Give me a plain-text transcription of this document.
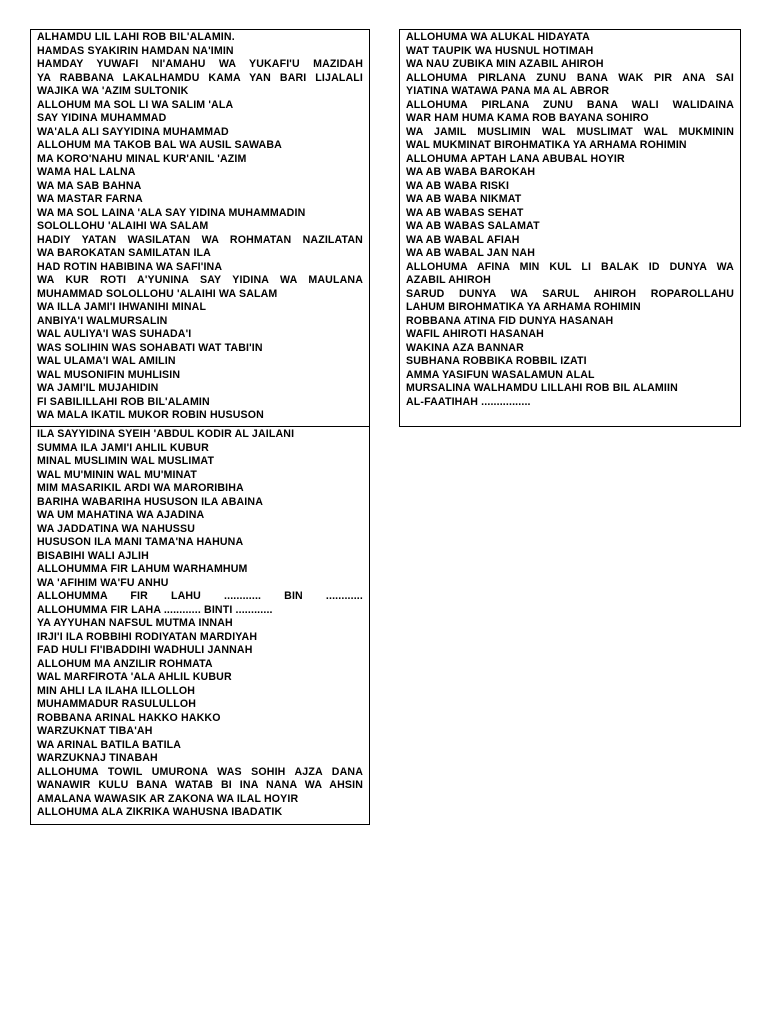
ALHAMDU LIL LAHI ROB BIL'ALAMIN.
HAMDAS SYAKIRIN HAMDAN NA'IMIN
HAMDAY YUWAFI NI'AMAHU WA YUKAFI'U MAZIDAH
YA RABBANA LAKALHAMDU KAMA YAN BARI LIJALALI
WAJIKA WA 'AZIM SULTONIK
ALLOHUM MA SOL LI WA SALIM 'ALA
SAY YIDINA MUHAMMAD
WA'ALA ALI SAYYIDINA MUHAMMAD
ALLOHUM MA TAKOB BAL WA AUSIL SAWABA
MA KORO'NAHU MINAL KUR'ANIL 'AZIM
WAMA HAL LALNA
WA MA SAB BAHNA
WA MASTAR FARNA
WA MA SOL LAINA 'ALA SAY YIDINA MUHAMMADIN
SOLOLLOHU 'ALAIHI WA SALAM
HADIY YATAN WASILATAN WA ROHMATAN NAZILATAN
WA BAROKATAN SAMILATAN ILA
HAD ROTIN HABIBINA WA SAFI'INA
WA KUR ROTI A'YUNINA SAY YIDINA WA MAULANA
MUHAMMAD SOLOLLOHU 'ALAIHI WA SALAM
WA ILLA JAMI'I IHWANIHI MINAL
ANBIYA'I WALMURSALIN
WAL AULIYA'I WAS SUHADA'I
WAS SOLIHIN WAS SOHABATI WAT TABI'IN
WAL ULAMA'I WAL AMILIN
WAL MUSONIFIN MUHLISIN
WA JAMI'IL MUJAHIDIN
FI SABILILLAHI ROB BIL'ALAMIN
WA MALA IKATIL MUKOR ROBIN HUSUSON
ILA SAYYIDINA SYEIH 'ABDUL KODIR AL JAILANI
SUMMA ILA JAMI'I AHLIL KUBUR
MINAL MUSLIMIN WAL MUSLIMAT
WAL MU'MININ WAL MU'MINAT
MIM MASARIKIL ARDI WA MARORIBIHA
BARIHA WABARIHA HUSUSON ILA ABAINA
WA UM MAHATINA WA AJADINA
WA JADDATINA WA NAHUSSU
HUSUSON ILA MANI TAMA'NA HAHUNA
BISABIHI WALI AJLIH
ALLOHUMMA FIR LAHUM WARHAMHUM
WA 'AFIHIM WA'FU ANHU
ALLOHUMMA FIR LAHU ............ BIN ............
ALLOHUMMA FIR LAHA ............ BINTI ............
YA AYYUHAN NAFSUL MUTMA INNAH
IRJI'I ILA ROBBIHI RODIYATAN MARDIYAH
FAD HULI FI'IBADDIHI WADHULI JANNAH
ALLOHUM MA ANZILIR ROHMATA
WAL MARFIROTA 'ALA AHLIL KUBUR
MIN AHLI LA ILAHA ILLOLLOH
MUHAMMADUR RASULULLOH
ROBBANA ARINAL HAKKO HAKKO
WARZUKNAT TIBA'AH
WA ARINAL BATILA BATILA
WARZUKNAJ TINABAH
ALLOHUMA TOWIL UMURONA WAS SOHIH AJZA DANA
WANAWIR KULU BANA WATAB BI INA NANA WA AHSIN
AMALANA WAWASIK AR ZAKONA WA ILAL HOYIR
ALLOHUMA ALA ZIKRIKA WAHUSNA IBADATIK
ALLOHUMA WA ALUKAL HIDAYATA
WAT TAUPIK WA HUSNUL HOTIMAH
WA NAU ZUBIKA MIN AZABIL AHIROH
ALLOHUMA PIRLANA ZUNU BANA WAK PIR ANA SAI
YIATINA WATAWA PANA MA AL ABROR
ALLOHUMA PIRLANA ZUNU BANA WALI WALIDAINA
WAR HAM HUMA KAMA ROB BAYANA SOHIRO
WA JAMIL MUSLIMIN WAL MUSLIMAT WAL MUKMININ
WAL MUKMINAT BIROHMATIKA YA ARHAMA ROHIMIN
ALLOHUMA APTAH LANA ABUBAL HOYIR
WA AB WABA BAROKAH
WA AB WABA RISKI
WA AB WABA NIKMAT
WA AB WABAS SEHAT
WA AB WABAS SALAMAT
WA AB WABAL AFIAH
WA AB WABAL JAN NAH
ALLOHUMA AFINA MIN KUL LI BALAK ID DUNYA WA
AZABIL AHIROH
SARUD DUNYA WA SARUL AHIROH ROPAROLLAHU
LAHUM BIROHMATIKA YA ARHAMA ROHIMIN
ROBBANA ATINA FID DUNYA HASANAH
WAFIL AHIROTI HASANAH
WAKINA AZA BANNAR
SUBHANA ROBBIKA ROBBIL IZATI
AMMA YASIFUN WASALAMUN ALAL
MURSALINA WALHAMDU LILLAHI ROB BIL ALAMIIN
AL-FAATIHAH ................
